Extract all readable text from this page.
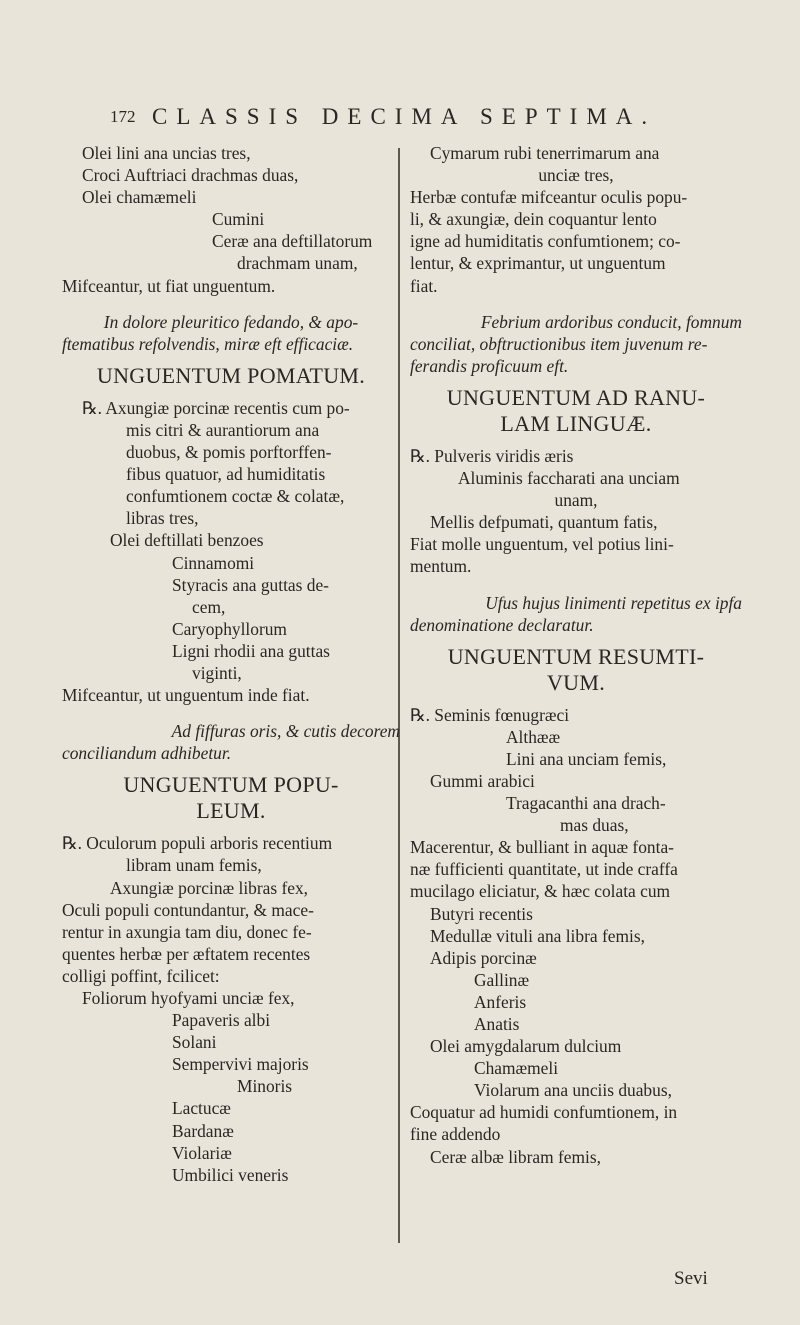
172 CLASSIS DECIMA SEPTIMA.
Olei lini ana uncias tres,
Croci Auftriaci drachmas duas,
Olei chamæmeli
Cumini
Ceræ ana deftillatorum
drachmam unam,
Mifceantur, ut fiat unguentum.
In dolore pleuritico fedando, & apo-
ftematibus refolvendis, miræ eft efficaciæ.
UNGUENTUM POMATUM.
℞. Axungiæ porcinæ recentis cum po-
mis citri & aurantiorum ana
duobus, & pomis porftorffen-
fibus quatuor, ad humiditatis
confumtionem coctæ & colatæ,
libras tres,
Olei deftillati benzoes
Cinnamomi
Styracis ana guttas de-
cem,
Caryophyllorum
Ligni rhodii ana guttas
viginti,
Mifceantur, ut unguentum inde fiat.
Ad fiffuras oris, & cutis decorem
conciliandum adhibetur.
UNGUENTUM POPU-
LEUM.
℞. Oculorum populi arboris recentium
libram unam femis,
Axungiæ porcinæ libras fex,
Oculi populi contundantur, & mace-
rentur in axungia tam diu, donec fe-
quentes herbæ per æftatem recentes
colligi poffint, fcilicet:
Foliorum hyofyami unciæ fex,
Papaveris albi
Solani
Sempervivi majoris
Minoris
Lactucæ
Bardanæ
Violariæ
Umbilici veneris
Cymarum rubi tenerrimarum ana
unciæ tres,
Herbæ contufæ mifceantur oculis popu-
li, & axungiæ, dein coquantur lento
igne ad humiditatis confumtionem; co-
lentur, & exprimantur, ut unguentum
fiat.
Febrium ardoribus conducit, fomnum
conciliat, obftructionibus item juvenum re-
ferandis proficuum eft.
UNGUENTUM AD RANU-
LAM LINGUÆ.
℞. Pulveris viridis æris
Aluminis faccharati ana unciam
unam,
Mellis defpumati, quantum fatis,
Fiat molle unguentum, vel potius lini-
mentum.
Ufus hujus linimenti repetitus ex ipfa
denominatione declaratur.
UNGUENTUM RESUMTI-
VUM.
℞. Seminis fœnugræci
Althææ
Lini ana unciam femis,
Gummi arabici
Tragacanthi ana drach-
mas duas,
Macerentur, & bulliant in aquæ fonta-
næ fufficienti quantitate, ut inde craffa
mucilago eliciatur, & hæc colata cum
Butyri recentis
Medullæ vituli ana libra femis,
Adipis porcinæ
Gallinæ
Anferis
Anatis
Olei amygdalarum dulcium
Chamæmeli
Violarum ana unciis duabus,
Coquatur ad humidi confumtionem, in
fine addendo
Ceræ albæ libram femis,
Sevi
